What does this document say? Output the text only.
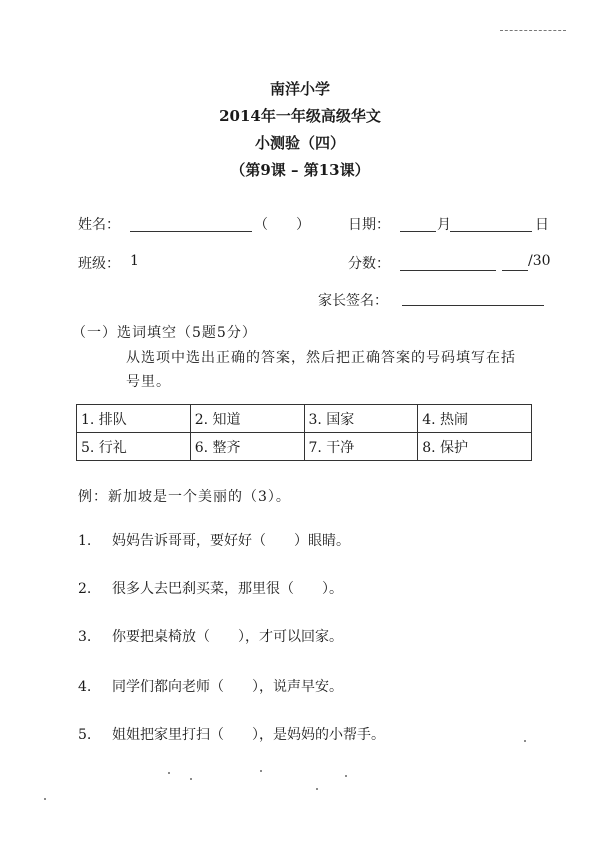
南洋小学
2014年一年级高级华文
小测验（四）
（第9课 – 第13课）
姓名：	（　　）	日期：	月	日
班级： 1	分数：	/30
家长签名：
（一）选词填空（5题5分）
从选项中选出正确的答案，然后把正确答案的号码填写在括号里。
1. 排队	2. 知道	3. 国家	4. 热闹
5. 行礼	6. 整齐	7. 干净	8. 保护
例：新加坡是一个美丽的（3）。
1. 妈妈告诉哥哥，要好好（　　）眼睛。
2. 很多人去巴刹买菜，那里很（　　）。
3. 你要把桌椅放（　　），才可以回家。
4. 同学们都向老师（　　），说声早安。
5. 姐姐把家里打扫（　　），是妈妈的小帮手。
